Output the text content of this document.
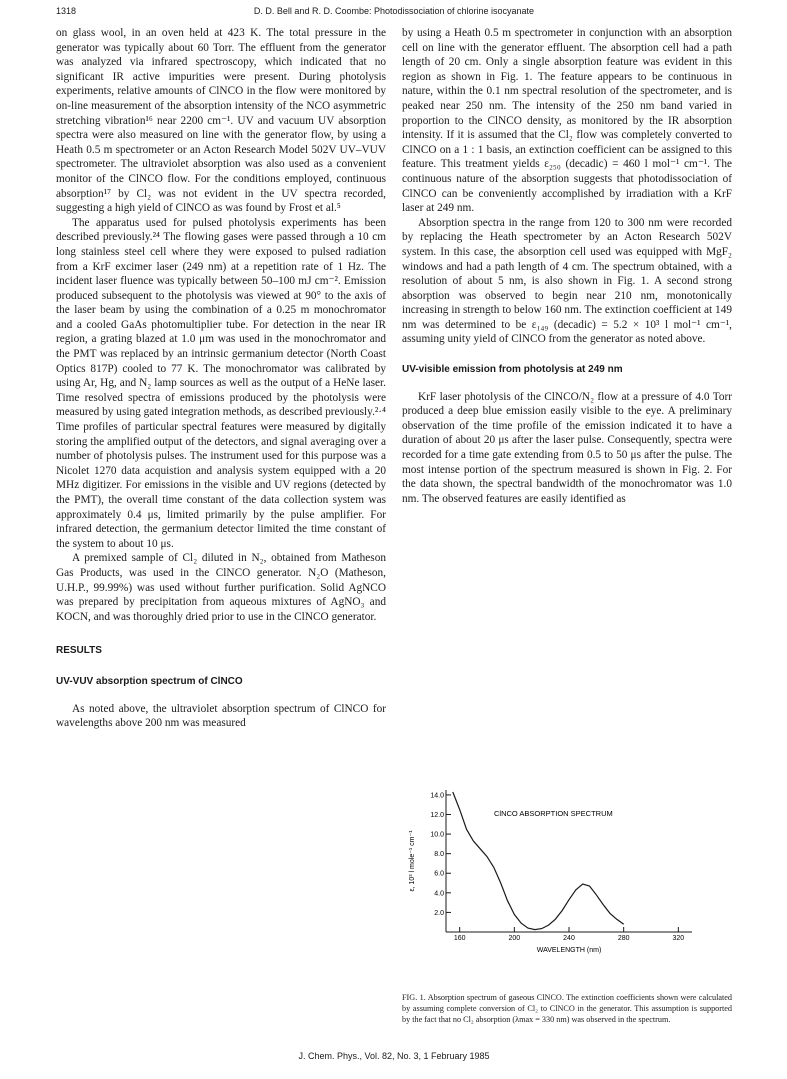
1318	D. D. Bell and R. D. Coombe: Photodissociation of chlorine isocyanate

on glass wool, in an oven held at 423 K. The total pressure in the generator was typically about 60 Torr. The effluent from the generator was analyzed via infrared spectroscopy, which indicated that no significant IR active impurities were present. During photolysis experiments, relative amounts of ClNCO in the flow were monitored by on-line measurement of the absorption intensity of the NCO asymmetric stretching vibration¹⁶ near 2200 cm⁻¹. UV and vacuum UV absorption spectra were also measured on line with the generator flow, by using a Heath 0.5 m spectrometer or an Acton Research Model 502V UV–VUV spectrometer. The ultraviolet absorption was also used as a convenient monitor of the ClNCO flow. For the conditions employed, continuous absorption¹⁷ by Cl₂ was not evident in the UV spectra recorded, suggesting a high yield of ClNCO as was found by Frost et al.⁵

The apparatus used for pulsed photolysis experiments has been described previously.²⁴ The flowing gases were passed through a 10 cm long stainless steel cell where they were exposed to pulsed radiation from a KrF excimer laser (249 nm) at a repetition rate of 1 Hz. The incident laser fluence was typically between 50–100 mJ cm⁻². Emission produced subsequent to the photolysis was viewed at 90° to the axis of the laser beam by using the combination of a 0.25 m monochromator and a cooled GaAs photomultiplier tube. For detection in the near IR region, a grating blazed at 1.0 μm was used in the monochromator and the PMT was replaced by an intrinsic germanium detector (North Coast Optics 817P) cooled to 77 K. The monochromator was calibrated by using Ar, Hg, and N₂ lamp sources as well as the output of a HeNe laser. Time resolved spectra of emissions produced by the photolysis were measured by using gated integration methods, as described previously.²·⁴ Time profiles of particular spectral features were measured by digitally storing the amplified output of the detectors, and signal averaging over a number of photolysis pulses. The instrument used for this purpose was a Nicolet 1270 data acquistion and analysis system equipped with a 20 MHz digitizer. For emissions in the visible and UV regions (detected by the PMT), the overall time constant of the data collection system was approximately 0.4 μs, limited primarily by the pulse amplifier. For infrared detection, the germanium detector limited the time constant of the system to about 10 μs.

A premixed sample of Cl₂ diluted in N₂, obtained from Matheson Gas Products, was used in the ClNCO generator. N₂O (Matheson, U.H.P., 99.99%) was used without further purification. Solid AgNCO was prepared by precipitation from aqueous mixtures of AgNO₃ and KOCN, and was thoroughly dried prior to use in the ClNCO generator.

RESULTS

UV-VUV absorption spectrum of ClNCO

As noted above, the ultraviolet absorption spectrum of ClNCO for wavelengths above 200 nm was measured

by using a Heath 0.5 m spectrometer in conjunction with an absorption cell on line with the generator effluent. The absorption cell had a path length of 20 cm. Only a single absorption feature was evident in this region as shown in Fig. 1. The feature appears to be continuous in nature, within the 0.1 nm spectral resolution of the spectrometer, and is peaked near 250 nm. The intensity of the 250 nm band varied in proportion to the ClNCO density, as monitored by the IR absorption intensity. If it is assumed that the Cl₂ flow was completely converted to ClNCO on a 1 : 1 basis, an extinction coefficient can be assigned to this feature. This treatment yields ε₂₅₀ (decadic) = 460 l mol⁻¹ cm⁻¹. The continuous nature of the absorption suggests that photodissociation of ClNCO can be conveniently accomplished by irradiation with a KrF laser at 249 nm.

Absorption spectra in the range from 120 to 300 nm were recorded by replacing the Heath spectrometer by an Acton Research 502V system. In this case, the absorption cell used was equipped with MgF₂ windows and had a path length of 4 cm. The spectrum obtained, with a resolution of about 5 nm, is also shown in Fig. 1. A second strong absorption was observed to begin near 210 nm, monotonically increasing in strength to below 160 nm. The extinction coefficient at 149 nm was determined to be ε₁₄₉ (decadic) = 5.2 × 10³ l mol⁻¹ cm⁻¹, assuming unity yield of ClNCO from the generator as noted above.

UV-visible emission from photolysis at 249 nm

KrF laser photolysis of the ClNCO/N₂ flow at a pressure of 4.0 Torr produced a deep blue emission easily visible to the eye. A preliminary observation of the time profile of the emission indicated it to have a duration of about 20 μs after the laser pulse. Consequently, spectra were recorded for a time gate extending from 0.5 to 50 μs after the pulse. The most intense portion of the spectrum measured is shown in Fig. 2. For the data shown, the spectral bandwidth of the monochromator was 1.0 nm. The observed features are easily identified as

2.0
4.0
6.0
8.0
10.0
12.0
14.0
160	200	240	280	320
ClNCO ABSORPTION SPECTRUM
WAVELENGTH (nm)
ε, 10³ l mole⁻¹ cm⁻¹
FIG. 1. Absorption spectrum of gaseous ClNCO. The extinction coefficients shown were calculated by assuming complete conversion of Cl₂ to ClNCO in the generator. This assumption is supported by the fact that no Cl₂ absorption (λmax = 330 nm) was observed in the spectrum.
J. Chem. Phys., Vol. 82, No. 3, 1 February 1985
